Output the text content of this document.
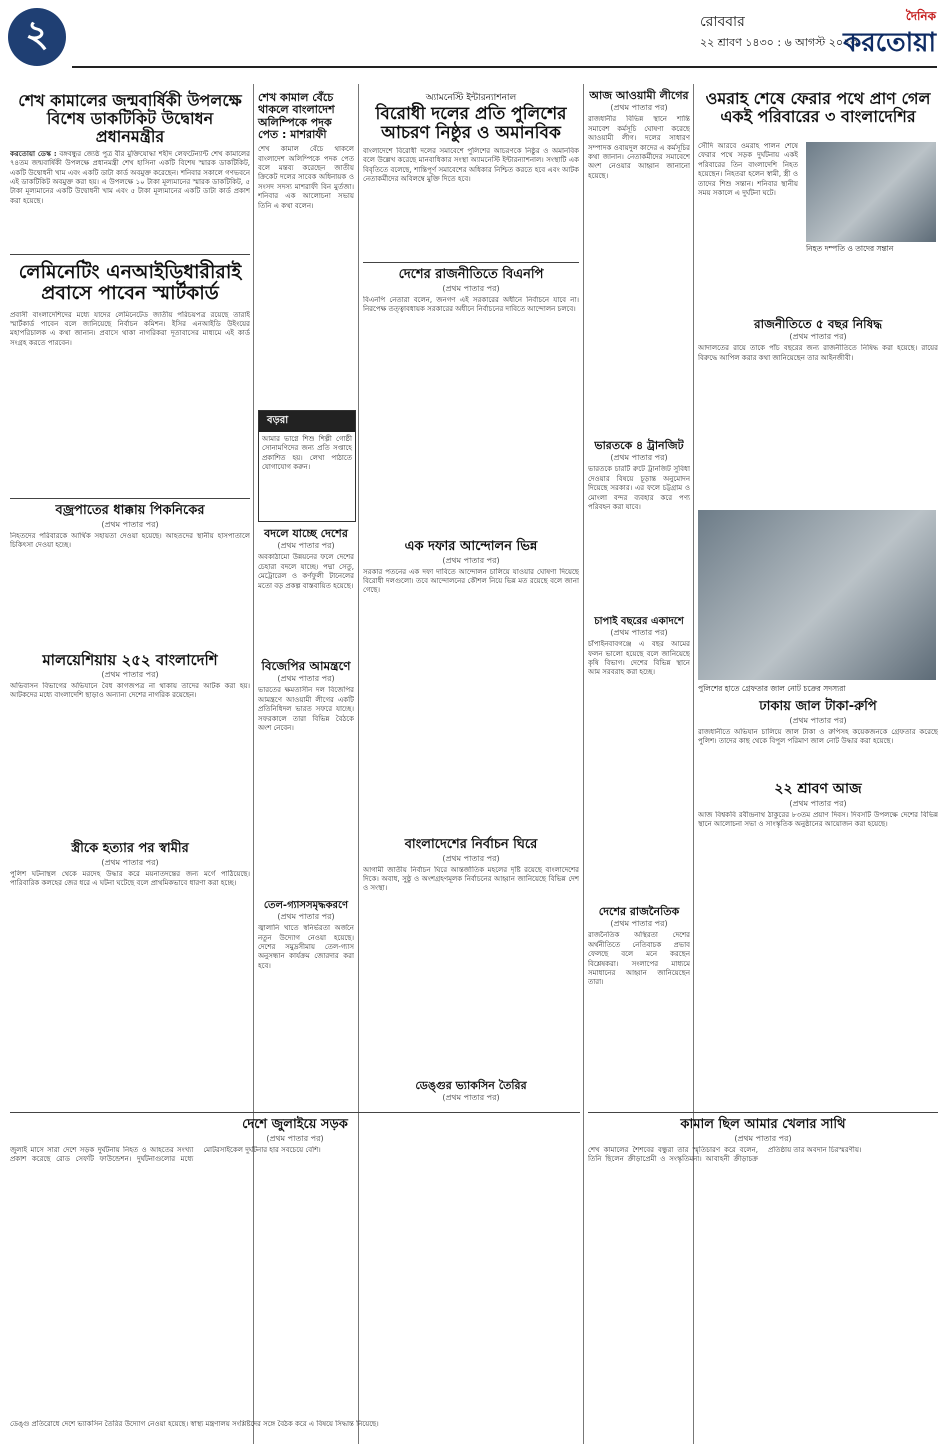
২	রোববার
২২ শ্রাবণ ১৪৩০ : ৬ আগস্ট ২০২৩
দৈনিক
করতোয়া
শেখ কামালের জন্মবার্ষিকী উপলক্ষে বিশেষ ডাকটিকিট উদ্বোধন প্রধানমন্ত্রীর
করতোয়া ডেস্ক : বঙ্গবন্ধুর জ্যেষ্ঠ পুত্র বীর মুক্তিযোদ্ধা শহীদ লেফটেন্যান্ট শেখ কামালের ৭৪তম জন্মবার্ষিকী উপলক্ষে প্রধানমন্ত্রী শেখ হাসিনা একটি বিশেষ স্মারক ডাকটিকিট, একটি উদ্বোধনী খাম এবং একটি ডাটা কার্ড অবমুক্ত করেছেন। শনিবার সকালে গণভবনে এই ডাকটিকিট অবমুক্ত করা হয়। এ উপলক্ষে ১০ টাকা মূল্যমানের স্মারক ডাকটিকিট, ৫ টাকা মূল্যমানের একটি উদ্বোধনী খাম এবং ৫ টাকা মূল্যমানের একটি ডাটা কার্ড প্রকাশ করা হয়েছে।
লেমিনেটিং এনআইডিধারীরাই প্রবাসে পাবেন স্মার্টকার্ড
প্রবাসী বাংলাদেশিদের মধ্যে যাদের লেমিনেটেড জাতীয় পরিচয়পত্র রয়েছে তারাই স্মার্টকার্ড পাবেন বলে জানিয়েছে নির্বাচন কমিশন। ইসির এনআইডি উইংয়ের মহাপরিচালক এ কথা জানান। প্রবাসে থাকা নাগরিকরা দূতাবাসের মাধ্যমে এই কার্ড সংগ্রহ করতে পারবেন।
বজ্রপাতের ধাক্কায় পিকনিকের
(প্রথম পাতার পর)
নিহতদের পরিবারকে আর্থিক সহায়তা দেওয়া হয়েছে। আহতদের স্থানীয় হাসপাতালে চিকিৎসা দেওয়া হচ্ছে।
মালয়েশিয়ায় ২৫২ বাংলাদেশি
(প্রথম পাতার পর)
অভিবাসন বিভাগের অভিযানে বৈধ কাগজপত্র না থাকায় তাদের আটক করা হয়। আটকদের মধ্যে বাংলাদেশি ছাড়াও অন্যান্য দেশের নাগরিক রয়েছেন।
স্ত্রীকে হত্যার পর স্বামীর
(প্রথম পাতার পর)
পুলিশ ঘটনাস্থল থেকে মরদেহ উদ্ধার করে ময়নাতদন্তের জন্য মর্গে পাঠিয়েছে। পারিবারিক কলহের জের ধরে এ ঘটনা ঘটেছে বলে প্রাথমিকভাবে ধারণা করা হচ্ছে।
দেশে জুলাইয়ে সড়ক
(প্রথম পাতার পর)
জুলাই মাসে সারা দেশে সড়ক দুর্ঘটনায় নিহত ও আহতের সংখ্যা প্রকাশ করেছে রোড সেফটি ফাউন্ডেশন। দুর্ঘটনাগুলোর মধ্যে মোটরসাইকেল দুর্ঘটনার হার সবচেয়ে বেশি।
শেখ কামাল বেঁচে থাকলে বাংলাদেশ অলিম্পিকে পদক পেত : মাশরাফী
শেখ কামাল বেঁচে থাকলে বাংলাদেশ অলিম্পিকে পদক পেত বলে মন্তব্য করেছেন জাতীয় ক্রিকেট দলের সাবেক অধিনায়ক ও সংসদ সদস্য মাশরাফী বিন মুর্তজা। শনিবার এক আলোচনা সভায় তিনি এ কথা বলেন।
বড়রা
আমার ভাগ্নে শিশু শিল্পী গোষ্ঠী সোনামণিদের জন্য প্রতি সপ্তাহে প্রকাশিত হয়। লেখা পাঠাতে যোগাযোগ করুন।
বদলে যাচ্ছে দেশের
(প্রথম পাতার পর)
অবকাঠামো উন্নয়নের ফলে দেশের চেহারা বদলে যাচ্ছে। পদ্মা সেতু, মেট্রোরেল ও কর্ণফুলী টানেলের মতো বড় প্রকল্প বাস্তবায়িত হয়েছে।
বিজেপির আমন্ত্রণে
(প্রথম পাতার পর)
ভারতের ক্ষমতাসীন দল বিজেপির আমন্ত্রণে আওয়ামী লীগের একটি প্রতিনিধিদল ভারত সফরে যাচ্ছে। সফরকালে তারা বিভিন্ন বৈঠকে অংশ নেবেন।
তেল-গ্যাসসমৃদ্ধকরণে
(প্রথম পাতার পর)
জ্বালানি খাতে স্বনির্ভরতা অর্জনে নতুন উদ্যোগ নেওয়া হয়েছে। দেশের সমুদ্রসীমায় তেল-গ্যাস অনুসন্ধান কার্যক্রম জোরদার করা হবে।
অ্যামনেস্টি ইন্টারন্যাশনাল
বিরোধী দলের প্রতি পুলিশের আচরণ নিষ্ঠুর ও অমানবিক
বাংলাদেশে বিরোধী দলের সমাবেশে পুলিশের আচরণকে নিষ্ঠুর ও অমানবিক বলে উল্লেখ করেছে মানবাধিকার সংস্থা অ্যামনেস্টি ইন্টারন্যাশনাল। সংস্থাটি এক বিবৃতিতে বলেছে, শান্তিপূর্ণ সমাবেশের অধিকার নিশ্চিত করতে হবে এবং আটক নেতাকর্মীদের অবিলম্বে মুক্তি দিতে হবে।
দেশের রাজনীতিতে বিএনপি
(প্রথম পাতার পর)
বিএনপি নেতারা বলেন, জনগণ এই সরকারের অধীনে নির্বাচনে যাবে না। নিরপেক্ষ তত্ত্বাবধায়ক সরকারের অধীনে নির্বাচনের দাবিতে আন্দোলন চলবে।
এক দফার আন্দোলন ভিন্ন
(প্রথম পাতার পর)
সরকার পতনের এক দফা দাবিতে আন্দোলন চালিয়ে যাওয়ার ঘোষণা দিয়েছে বিরোধী দলগুলো। তবে আন্দোলনের কৌশল নিয়ে ভিন্ন মত রয়েছে বলে জানা গেছে।
বাংলাদেশের নির্বাচন ঘিরে
(প্রথম পাতার পর)
আগামী জাতীয় নির্বাচন ঘিরে আন্তর্জাতিক মহলের দৃষ্টি রয়েছে বাংলাদেশের দিকে। অবাধ, সুষ্ঠু ও অংশগ্রহণমূলক নির্বাচনের আহ্বান জানিয়েছে বিভিন্ন দেশ ও সংস্থা।
আজ আওয়ামী লীগের
(প্রথম পাতার পর)
রাজধানীর বিভিন্ন স্থানে শান্তি সমাবেশ কর্মসূচি ঘোষণা করেছে আওয়ামী লীগ। দলের সাধারণ সম্পাদক ওবায়দুল কাদের এ কর্মসূচির কথা জানান। নেতাকর্মীদের সমাবেশে অংশ নেওয়ার আহ্বান জানানো হয়েছে।
ভারতকে ৪ ট্রানজিট
(প্রথম পাতার পর)
ভারতকে চারটি রুটে ট্রানজিট সুবিধা দেওয়ার বিষয়ে চূড়ান্ত অনুমোদন দিয়েছে সরকার। এর ফলে চট্টগ্রাম ও মোংলা বন্দর ব্যবহার করে পণ্য পরিবহন করা যাবে।
চাপাই বছরের একাদশে
(প্রথম পাতার পর)
চাঁপাইনবাবগঞ্জে এ বছর আমের ফলন ভালো হয়েছে বলে জানিয়েছে কৃষি বিভাগ। দেশের বিভিন্ন স্থানে আম সরবরাহ করা হচ্ছে।
দেশের রাজনৈতিক
(প্রথম পাতার পর)
রাজনৈতিক অস্থিরতা দেশের অর্থনীতিতে নেতিবাচক প্রভাব ফেলছে বলে মনে করছেন বিশ্লেষকরা। সংলাপের মাধ্যমে সমাধানের আহ্বান জানিয়েছেন তারা।
ওমরাহ শেষে ফেরার পথে প্রাণ গেল একই পরিবারের ৩ বাংলাদেশির
সৌদি আরবে ওমরাহ পালন শেষে ফেরার পথে সড়ক দুর্ঘটনায় একই পরিবারের তিন বাংলাদেশি নিহত হয়েছেন। নিহতরা হলেন স্বামী, স্ত্রী ও তাদের শিশু সন্তান। শনিবার স্থানীয় সময় সকালে এ দুর্ঘটনা ঘটে।
নিহত দম্পতি ও তাদের সন্তান
রাজনীতিতে ৫ বছর নিষিদ্ধ
(প্রথম পাতার পর)
আদালতের রায়ে তাকে পাঁচ বছরের জন্য রাজনীতিতে নিষিদ্ধ করা হয়েছে। রায়ের বিরুদ্ধে আপিল করার কথা জানিয়েছেন তার আইনজীবী।
পুলিশের হাতে গ্রেফতার জাল নোট চক্রের সদস্যরা
ঢাকায় জাল টাকা-রুপি
(প্রথম পাতার পর)
রাজধানীতে অভিযান চালিয়ে জাল টাকা ও রুপিসহ কয়েকজনকে গ্রেফতার করেছে পুলিশ। তাদের কাছ থেকে বিপুল পরিমাণ জাল নোট উদ্ধার করা হয়েছে।
২২ শ্রাবণ আজ
(প্রথম পাতার পর)
আজ বিশ্বকবি রবীন্দ্রনাথ ঠাকুরের ৮৩তম প্রয়াণ দিবস। দিবসটি উপলক্ষে দেশের বিভিন্ন স্থানে আলোচনা সভা ও সাংস্কৃতিক অনুষ্ঠানের আয়োজন করা হয়েছে।
কামাল ছিল আমার খেলার সাথি
(প্রথম পাতার পর)
শেখ কামালের শৈশবের বন্ধুরা তার স্মৃতিচারণ করে বলেন, তিনি ছিলেন ক্রীড়াপ্রেমী ও সংস্কৃতিমনা। আবাহনী ক্রীড়াচক্র প্রতিষ্ঠায় তার অবদান চিরস্মরণীয়।
ডেঙ্গুর ভ্যাকসিন তৈরির
(প্রথম পাতার পর)
ডেঙ্গু প্রতিরোধে দেশে ভ্যাকসিন তৈরির উদ্যোগ নেওয়া হয়েছে। স্বাস্থ্য মন্ত্রণালয় সংশ্লিষ্টদের সঙ্গে বৈঠক করে এ বিষয়ে সিদ্ধান্ত নিয়েছে।
